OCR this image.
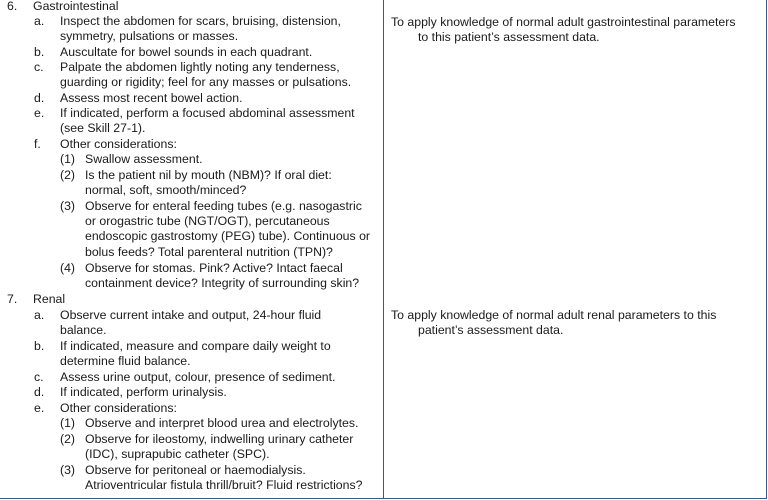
6. Gastrointestinal
To apply knowledge of normal adult gastrointestinal parameters
to this patient’s assessment data.
a. Inspect the abdomen for scars, bruising, distension,
symmetry, pulsations or masses.
b. Auscultate for bowel sounds in each quadrant.
c. Palpate the abdomen lightly noting any tenderness,
guarding or rigidity; feel for any masses or pulsations.
d. Assess most recent bowel action.
e. If indicated, perform a focused abdominal assessment
(see Skill 27-1).
f. Other considerations:
(1) Swallow assessment.
(2) Is the patient nil by mouth (NBM)? If oral diet:
normal, soft, smooth/minced?
(3) Observe for enteral feeding tubes (e.g. nasogastric
or orogastric tube (NGT/OGT), percutaneous
endoscopic gastrostomy (PEG) tube). Continuous or
bolus feeds? Total parenteral nutrition (TPN)?
(4) Observe for stomas. Pink? Active? Intact faecal
containment device? Integrity of surrounding skin?
7. Renal
To apply knowledge of normal adult renal parameters to this
patient’s assessment data.
a. Observe current intake and output, 24-hour fluid
balance.
b. If indicated, measure and compare daily weight to
determine fluid balance.
c. Assess urine output, colour, presence of sediment.
d. If indicated, perform urinalysis.
e. Other considerations:
(1) Observe and interpret blood urea and electrolytes.
(2) Observe for ileostomy, indwelling urinary catheter
(IDC), suprapubic catheter (SPC).
(3) Observe for peritoneal or haemodialysis.
Atrioventricular fistula thrill/bruit? Fluid restrictions?
